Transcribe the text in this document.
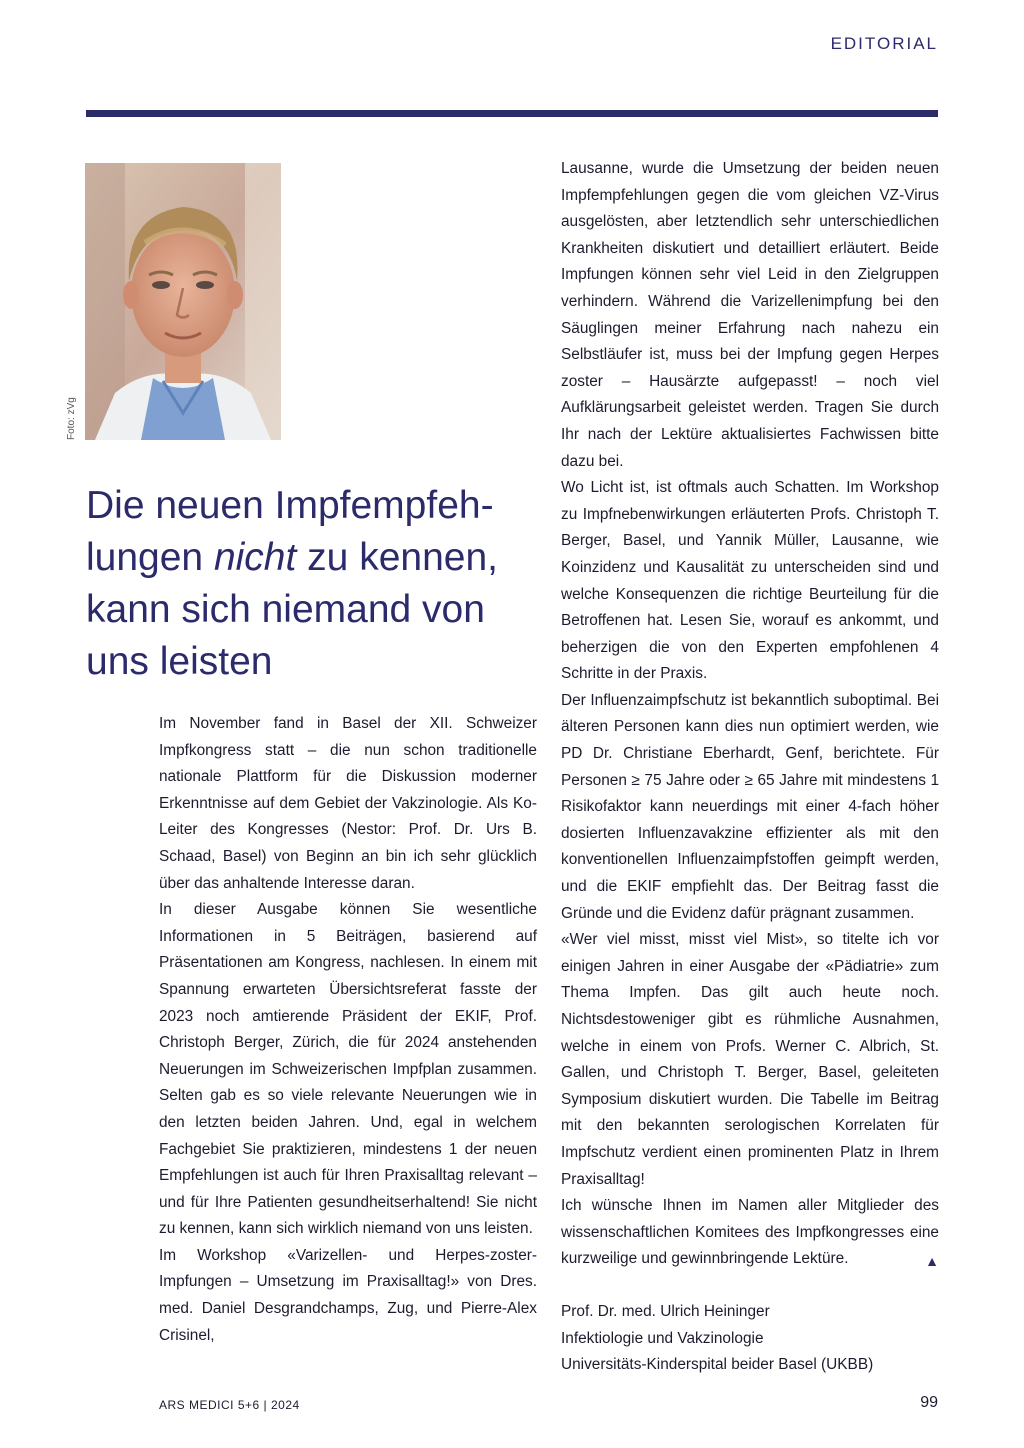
EDITORIAL
Foto: zVg
Die neuen Impfempfeh-lungen nicht zu kennen, kann sich niemand von uns leisten

Im November fand in Basel der XII. Schweizer Impfkongress statt – die nun schon traditionelle nationale Plattform für die Diskussion moderner Erkenntnisse auf dem Gebiet der Vakzinologie. Als Ko-Leiter des Kongresses (Nestor: Prof. Dr. Urs B. Schaad, Basel) von Beginn an bin ich sehr glücklich über das anhaltende Interesse daran.

In dieser Ausgabe können Sie wesentliche Informationen in 5 Beiträgen, basierend auf Präsentationen am Kongress, nachlesen. In einem mit Spannung erwarteten Übersichtsreferat fasste der 2023 noch amtierende Präsident der EKIF, Prof. Christoph Berger, Zürich, die für 2024 anstehenden Neuerungen im Schweizerischen Impfplan zusammen. Selten gab es so viele relevante Neuerungen wie in den letzten beiden Jahren. Und, egal in welchem Fachgebiet Sie praktizieren, mindestens 1 der neuen Empfehlungen ist auch für Ihren Praxisalltag relevant – und für Ihre Patienten gesundheitserhaltend! Sie nicht zu kennen, kann sich wirklich niemand von uns leisten.

Im Workshop «Varizellen- und Herpes-zoster-Impfungen – Umsetzung im Praxisalltag!» von Dres. med. Daniel Desgrandchamps, Zug, und Pierre-Alex Crisinel,

Lausanne, wurde die Umsetzung der beiden neuen Impfempfehlungen gegen die vom gleichen VZ-Virus ausgelösten, aber letztendlich sehr unterschiedlichen Krankheiten diskutiert und detailliert erläutert. Beide Impfungen können sehr viel Leid in den Zielgruppen verhindern. Während die Varizellenimpfung bei den Säuglingen meiner Erfahrung nach nahezu ein Selbstläufer ist, muss bei der Impfung gegen Herpes zoster – Hausärzte aufgepasst! – noch viel Aufklärungsarbeit geleistet werden. Tragen Sie durch Ihr nach der Lektüre aktualisiertes Fachwissen bitte dazu bei.

Wo Licht ist, ist oftmals auch Schatten. Im Workshop zu Impfnebenwirkungen erläuterten Profs. Christoph T. Berger, Basel, und Yannik Müller, Lausanne, wie Koinzidenz und Kausalität zu unterscheiden sind und welche Konsequenzen die richtige Beurteilung für die Betroffenen hat. Lesen Sie, worauf es ankommt, und beherzigen die von den Experten empfohlenen 4 Schritte in der Praxis.

Der Influenzaimpfschutz ist bekanntlich suboptimal. Bei älteren Personen kann dies nun optimiert werden, wie PD Dr. Christiane Eberhardt, Genf, berichtete. Für Personen ≥ 75 Jahre oder ≥ 65 Jahre mit mindestens 1 Risikofaktor kann neuerdings mit einer 4-fach höher dosierten Influenzavakzine effizienter als mit den konventionellen Influenzaimpfstoffen geimpft werden, und die EKIF empfiehlt das. Der Beitrag fasst die Gründe und die Evidenz dafür prägnant zusammen.

«Wer viel misst, misst viel Mist», so titelte ich vor einigen Jahren in einer Ausgabe der «Pädiatrie» zum Thema Impfen. Das gilt auch heute noch. Nichtsdestoweniger gibt es rühmliche Ausnahmen, welche in einem von Profs. Werner C. Albrich, St. Gallen, und Christoph T. Berger, Basel, geleiteten Symposium diskutiert wurden. Die Tabelle im Beitrag mit den bekannten serologischen Korrelaten für Impfschutz verdient einen prominenten Platz in Ihrem Praxisalltag!

Ich wünsche Ihnen im Namen aller Mitglieder des wissenschaftlichen Komitees des Impfkongresses eine kurzweilige und gewinnbringende Lektüre.	▲

Prof. Dr. med. Ulrich Heininger
Infektiologie und Vakzinologie
Universitäts-Kinderspital beider Basel (UKBB)

ARS MEDICI 5+6 | 2024	99
